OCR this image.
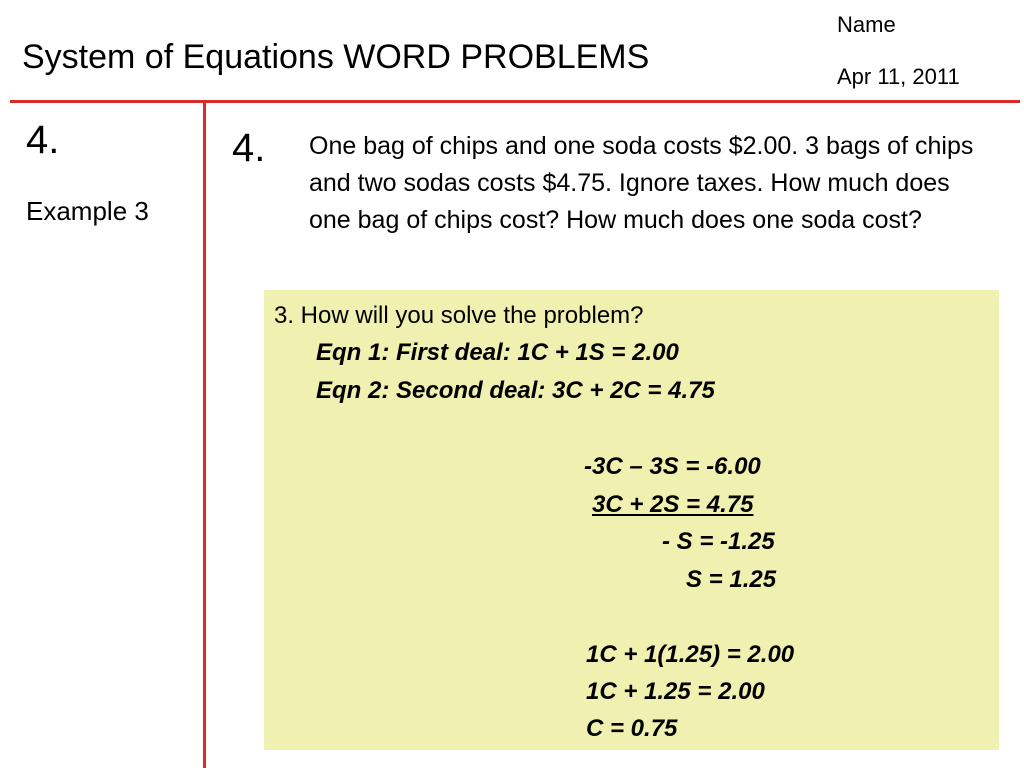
System of Equations WORD PROBLEMS
Name
Apr 11, 2011
4.
Example 3
4. One bag of chips and one soda costs $2.00. 3 bags of chips and two sodas costs $4.75. Ignore taxes. How much does one bag of chips cost? How much does one soda cost?
3. How will you solve the problem?
Eqn 1: First deal: 1C + 1S = 2.00
Eqn 2: Second deal: 3C + 2C = 4.75
-3C – 3S = -6.00
3C + 2S = 4.75
- S = -1.25
S = 1.25
1C + 1(1.25) = 2.00
1C + 1.25 = 2.00
C = 0.75
